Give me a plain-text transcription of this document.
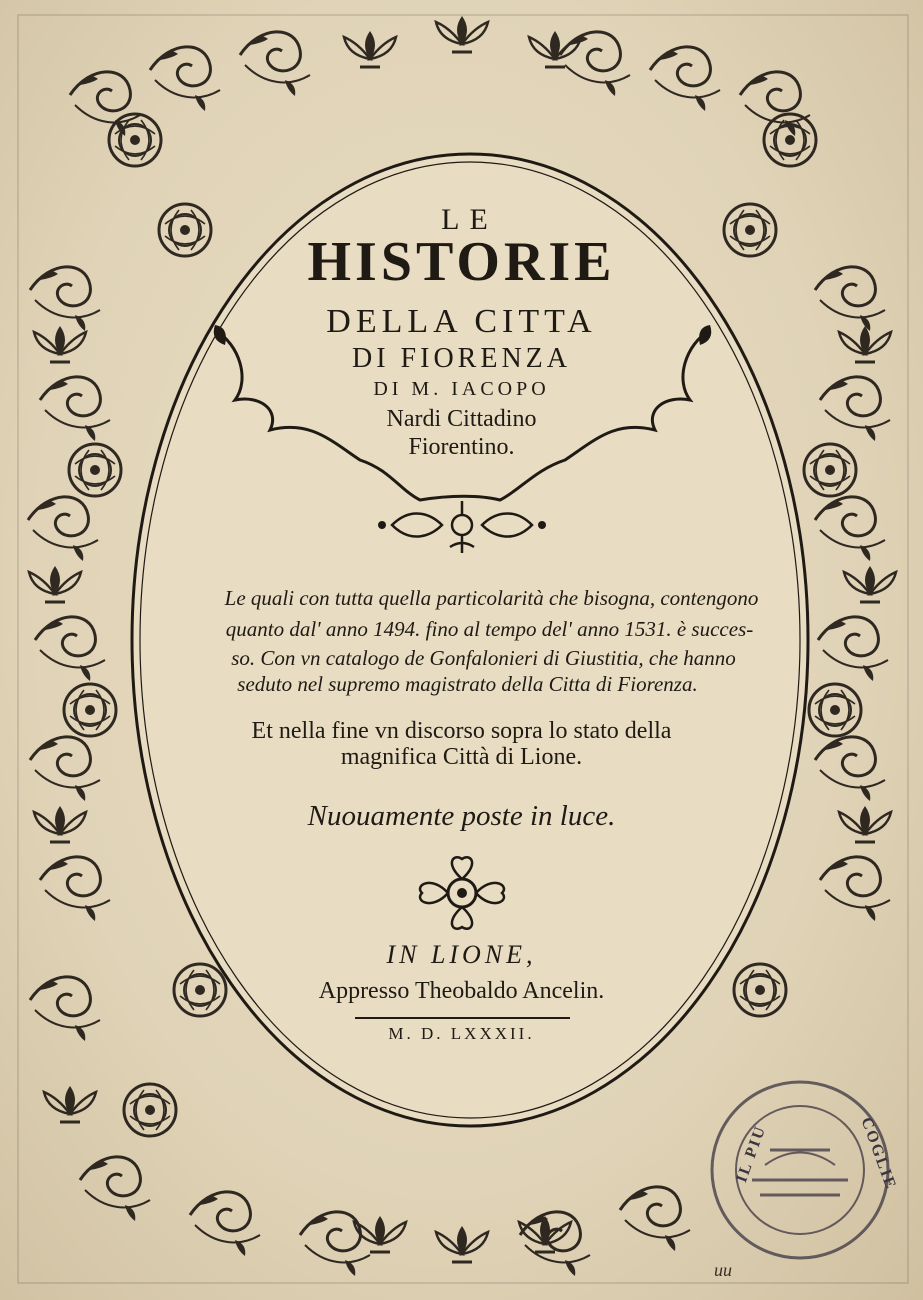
LE
HISTORIE
DELLA CITTA
DI FIORENZA
DI M. IACOPO
Nardi Cittadino
Fiorentino.
Le quali con tutta quella particolarità che bisogna, contengono
quanto dal' anno 1494. fino al tempo del' anno 1531. è succes-
so. Con vn catalogo de Gonfalonieri di Giustitia, che hanno
seduto nel supremo magistrato della Citta di Fiorenza.
Et nella fine vn discorso sopra lo stato della
magnifica Città di Lione.
Nuouamente poste in luce.
IN LIONE,
Appresso Theobaldo Ancelin.
M. D. LXXXII.
IL PIU	COGLIE
uu
